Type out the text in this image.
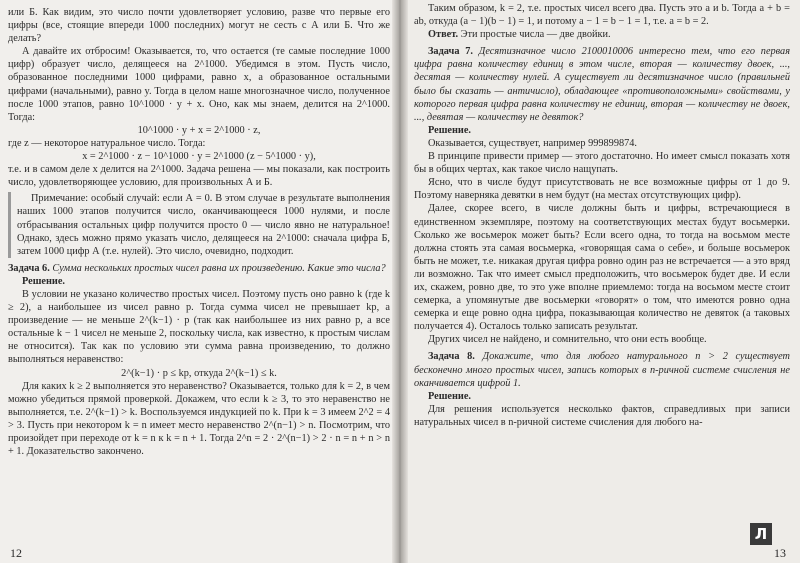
или Б. Как видим, это число почти удовлетворяет условию, разве что первые его цифры (все, стоящие впереди 1000 последних) могут не сесть с А или Б. Что же делать?

А давайте их отбросим! Оказывается, то, что остается (те самые последние 1000 цифр) образует число, делящееся на 2^1000. Убедимся в этом. Пусть число, образованное последними 1000 цифрами, равно x, а образованное остальными цифрами (начальными), равно y. Тогда в целом наше многозначное число, полученное после 1000 этапов, равно 10^1000 · y + x. Оно, как мы знаем, делится на 2^1000. Тогда:

10^1000 · y + x = 2^1000 · z,

где z — некоторое натуральное число. Тогда:

x = 2^1000 · z − 10^1000 · y = 2^1000 (z − 5^1000 · y),

т.е. и в самом деле x делится на 2^1000. Задача решена — мы показали, как построить число, удовлетворяющее условию, для произвольных А и Б.

Примечание: особый случай: если А = 0. В этом случае в результате выполнения наших 1000 этапов получится число, оканчивающееся 1000 нулями, и после отбрасывания остальных цифр получится просто 0 — число явно не натуральное! Однако, здесь можно прямо указать число, делящееся на 2^1000: сначала цифра Б, затем 1000 цифр А (т.е. нулей). Это число, очевидно, подходит.

Задача 6. Сумма нескольких простых чисел равна их произведению. Какие это числа?

Решение.

В условии не указано количество простых чисел. Поэтому пусть оно равно k (где k ≥ 2), а наибольшее из чисел равно p. Тогда сумма чисел не превышает kp, а произведение — не меньше 2^(k−1) · p (так как наибольшее из них равно p, а все остальные k − 1 чисел не меньше 2, поскольку числа, как известно, к простым числам не относится). Так как по условию эти сумма равна произведению, то должно выполняться неравенство:

2^(k−1) · p ≤ kp, откуда 2^(k−1) ≤ k.

Для каких k ≥ 2 выполняется это неравенство? Оказывается, только для k = 2, в чем можно убедиться прямой проверкой. Докажем, что если k ≥ 3, то это неравенство не выполняется, т.е. 2^(k−1) > k. Воспользуемся индукцией по k. При k = 3 имеем 2^2 = 4 > 3. Пусть при некотором k = n имеет место неравенство 2^(n−1) > n. Посмотрим, что произойдет при переходе от k = n к k = n + 1. Тогда 2^n = 2 · 2^(n−1) > 2 · n = n + n > n + 1. Доказательство закончено.

12

Таким образом, k = 2, т.е. простых чисел всего два. Пусть это a и b. Тогда a + b = ab, откуда (a − 1)(b − 1) = 1, и потому a − 1 = b − 1 = 1, т.е. a = b = 2.

Ответ. Эти простые числа — две двойки.

Задача 7. Десятизначное число 2100010006 интересно тем, что его первая цифра равна количеству единиц в этом числе, вторая — количеству двоек, ..., десятая — количеству нулей. А существует ли десятизначное число (правильней было бы сказать — античисло), обладающее «противоположными» свойствами, у которого первая цифра равна количеству не единиц, вторая — количеству не двоек, ..., девятая — количеству не девяток?

Решение.

Оказывается, существует, например 999899874.

В принципе привести пример — этого достаточно. Но имеет смысл показать хотя бы в общих чертах, как такое число нащупать.

Ясно, что в числе будут присутствовать не все возможные цифры от 1 до 9. Поэтому наверняка девятки в нем будут (на местах отсутствующих цифр).

Далее, скорее всего, в числе должны быть и цифры, встречающиеся в единственном экземпляре, поэтому на соответствующих местах будут восьмерки. Сколько же восьмерок может быть? Если всего одна, то тогда на восьмом месте должна стоять эта самая восьмерка, «говорящая сама о себе», и больше восьмерок быть не может, т.е. никакая другая цифра ровно один раз не встречается — а это вряд ли возможно. Так что имеет смысл предположить, что восьмерок будет две. И если их, скажем, ровно две, то это уже вполне приемлемо: тогда на восьмом месте стоит семерка, а упомянутые две восьмерки «говорят» о том, что имеются ровно одна семерка и еще ровно одна цифра, показывающая количество не девяток (а таковых получается 4). Осталось только записать результат.

Других чисел не найдено, и сомнительно, что они есть вообще.

Задача 8. Докажите, что для любого натурального n > 2 существует бесконечно много простых чисел, запись которых в n-ричной системе счисления не оканчивается цифрой 1.

Решение.

Для решения используется несколько фактов, справедливых при записи натуральных чисел в n-ричной системе счисления для любого на-

Л
13
